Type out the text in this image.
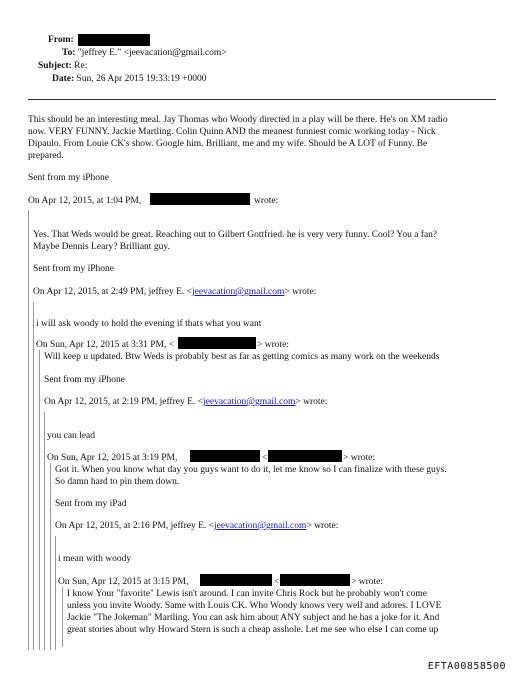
From:
To: "jeffrey E." <jeevacation@gmail.com>
Subject: Re:
Date: Sun, 26 Apr 2015 19:33:19 +0000
This should be an interesting meal. Jay Thomas who Woody directed in a play will be there. He's on XM radio
now. VERY FUNNY. Jackie Martling. Colin Quinn AND the meanest funniest comic working today - Nick
Dipaulo. From Louie CK's show. Google him. Brilliant, me and my wife. Should be A LOT of Funny. Be
prepared.
Sent from my iPhone
On Apr 12, 2015, at 1:04 PM,	wrote:
Yes. That Weds would be great. Reaching out to Gilbert Gottfried. he is very very funny. Cool? You a fan?
Maybe Dennis Leary? Brilliant guy.
Sent from my iPhone
On Apr 12, 2015, at 2:49 PM, jeffrey E. <jeevacation@gmail.com> wrote:
i will ask woody to hold the evening if thats what you want
On Sun, Apr 12, 2015 at 3:31 PM, <	> wrote:
Will keep u updated. Btw Weds is probably best as far as getting comics as many work on the weekends
Sent from my iPhone
On Apr 12, 2015, at 2:19 PM, jeffrey E. <jeevacation@gmail.com> wrote:
you can lead
On Sun, Apr 12, 2015 at 3:19 PM,	<	> wrote:
Got it. When you know what day you guys want to do it, let me know so I can finalize with these guys.
So damn hard to pin them down.
Sent from my iPad
On Apr 12, 2015, at 2:16 PM, jeffrey E. <jeevacation@gmail.com> wrote:
i mean with woody
On Sun, Apr 12, 2015 at 3:15 PM,	<	> wrote:
I know Your "favorite" Lewis isn't around. I can invite Chris Rock but he probably won't come
unless you invite Woody. Same with Louis CK. Who Woody knows very well and adores. I LOVE
Jackie "The Jokeman" Martling. You can ask him about ANY subject and he has a joke for it. And
great stories about why Howard Stern is such a cheap asshole. Let me see who else I can come up
EFTA00858500
